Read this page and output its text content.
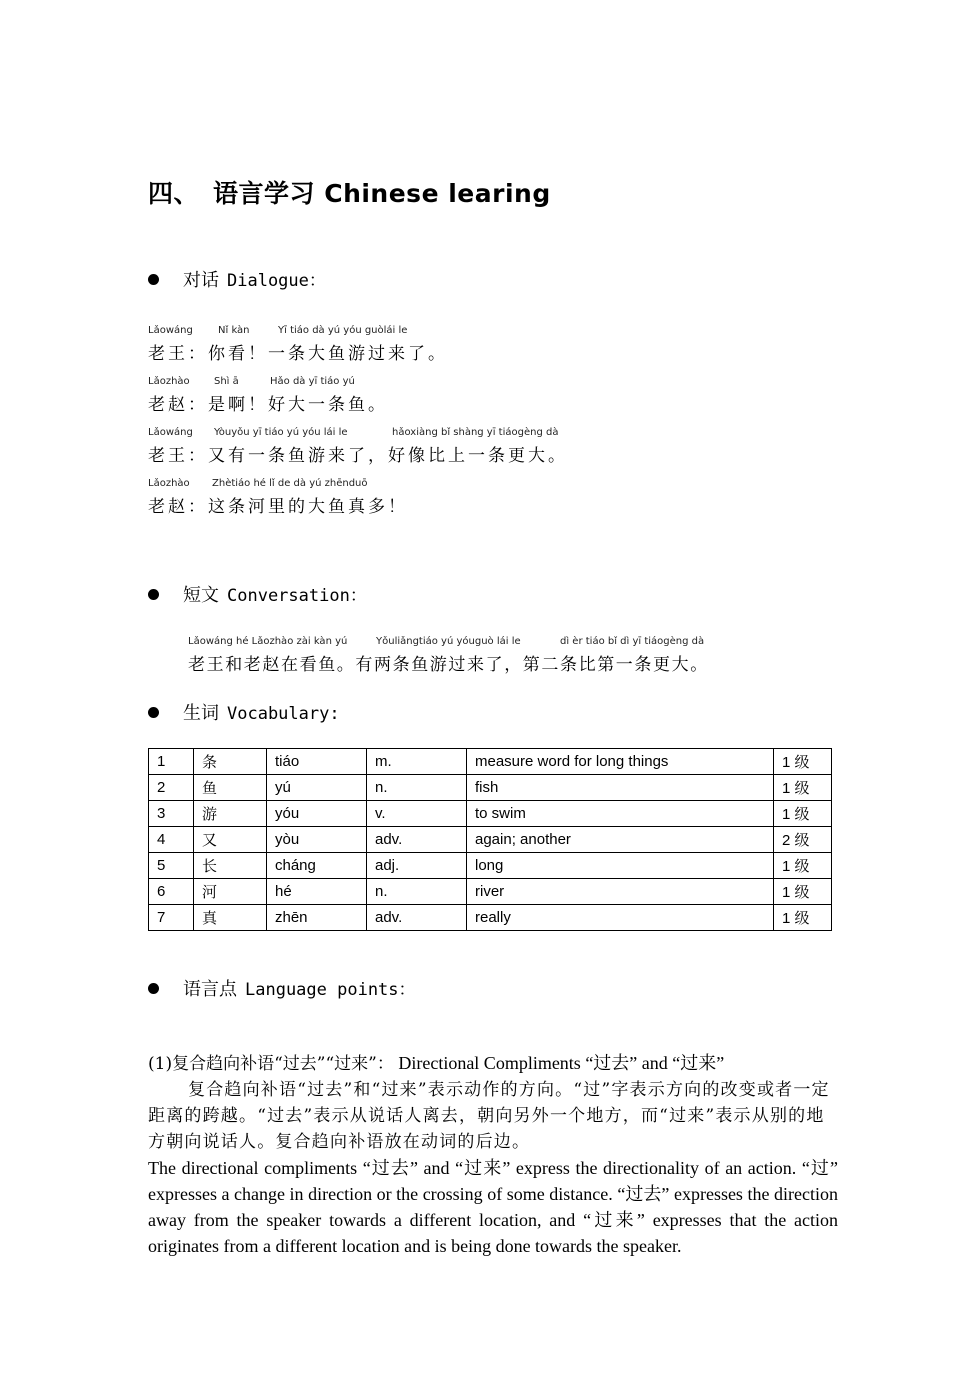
四、 语言学习 Chinese learing
对话 Dialogue：

Lǎowáng

	Nǐ kàn

	Yī tiáo dà yú yóu guòlái le

老王：你看！一条大鱼游过来了。

Lǎozhào

Shì ā

	Hǎo dà yī tiáo yú

老赵：是啊！好大一条鱼。

Lǎowáng

Yòuyǒu yī tiáo yú yóu lái le

	hǎoxiàng bǐ shàng yī tiáogèng dà

老王：又有一条鱼游来了，好像比上一条更大。

Lǎozhào

Zhètiáo hé lǐ de dà yú zhēnduō

老赵：这条河里的大鱼真多！
短文 Conversation：

Lǎowáng hé Lǎozhào zài kàn yú

	Yǒuliǎngtiáo yú yóuguò lái le

	dì èr tiáo bǐ dì yī tiáogèng dà

老王和老赵在看鱼。有两条鱼游过来了，第二条比第一条更大。
生词 Vocabulary:
1	条	tiáo	m.	measure word for long things	1 级
2	鱼	yú	n.	fish	1 级
3	游	yóu	v.	to swim	1 级
4	又	yòu	adv.	again; another	2 级
5	长	cháng	adj.	long	1 级
6	河	hé	n.	river	1 级
7	真	zhēn	adv.	really	1 级
语言点 Language points：

(1)复合趋向补语“过去”“过来”： Directional Compliments “过去” and “过来”

复合趋向补语“过去”和“过来”表示动作的方向。“过”字表示方向的改变或者一定距离的跨越。“过去”表示从说话人离去，朝向另外一个地方，而“过来”表示从别的地方朝向说话人。复合趋向补语放在动词的后边。

The directional compliments “过去” and “过来” express the directionality of an action. “过” expresses a change in direction or the crossing of some distance. “过去” expresses the direction away from the speaker towards a different location, and “过来” expresses that the action originates from a different location and is being done towards the speaker.
